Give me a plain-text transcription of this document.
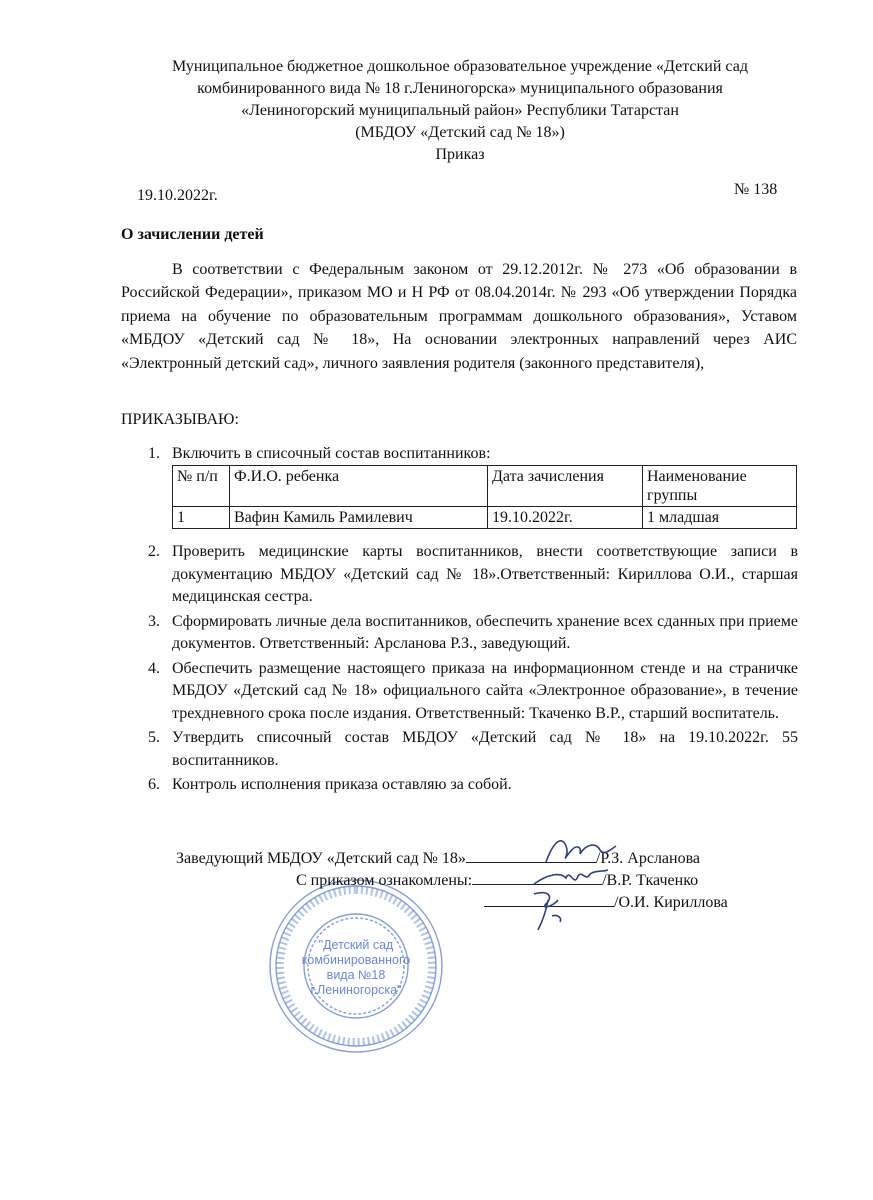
Муниципальное бюджетное дошкольное образовательное учреждение «Детский сад
комбинированного вида № 18 г.Лениногорска» муниципального образования
«Лениногорский муниципальный район» Республики Татарстан
(МБДОУ «Детский сад № 18»)
Приказ
19.10.2022г.	№ 138
О зачислении детей

В соответствии с Федеральным законом от 29.12.2012г. № 273 «Об образовании в Российской Федерации», приказом МО и Н РФ от 08.04.2014г. № 293 «Об утверждении Порядка приема на обучение по образовательным программам дошкольного образования», Уставом «МБДОУ «Детский сад № 18», На основании электронных направлений через АИС «Электронный детский сад», личного заявления родителя (законного представителя),

ПРИКАЗЫВАЮ:
1. Включить в списочный состав воспитанников:
№ п/п	Ф.И.О. ребенка	Дата зачисления	Наименование группы
1	Вафин Камиль Рамилевич	19.10.2022г.	1 младшая
2. Проверить медицинские карты воспитанников, внести соответствующие записи в документацию МБДОУ «Детский сад № 18».Ответственный: Кириллова О.И., старшая медицинская сестра.
3. Сформировать личные дела воспитанников, обеспечить хранение всех сданных при приеме документов. Ответственный: Арсланова Р.З., заведующий.
4. Обеспечить размещение настоящего приказа на информационном стенде и на страничке МБДОУ «Детский сад № 18» официального сайта «Электронное образование», в течение трехдневного срока после издания. Ответственный: Ткаченко В.Р., старший воспитатель.
5. Утвердить списочный состав МБДОУ «Детский сад № 18» на 19.10.2022г. 55 воспитанников.
6. Контроль исполнения приказа оставляю за собой.
"Детский сад
комбинированного
вида №18
г.Лениногорска"
Заведующий МБДОУ «Детский сад № 18»	/Р.З. Арсланова
С приказом ознакомлены:	/В.Р. Ткаченко
/О.И. Кириллова
